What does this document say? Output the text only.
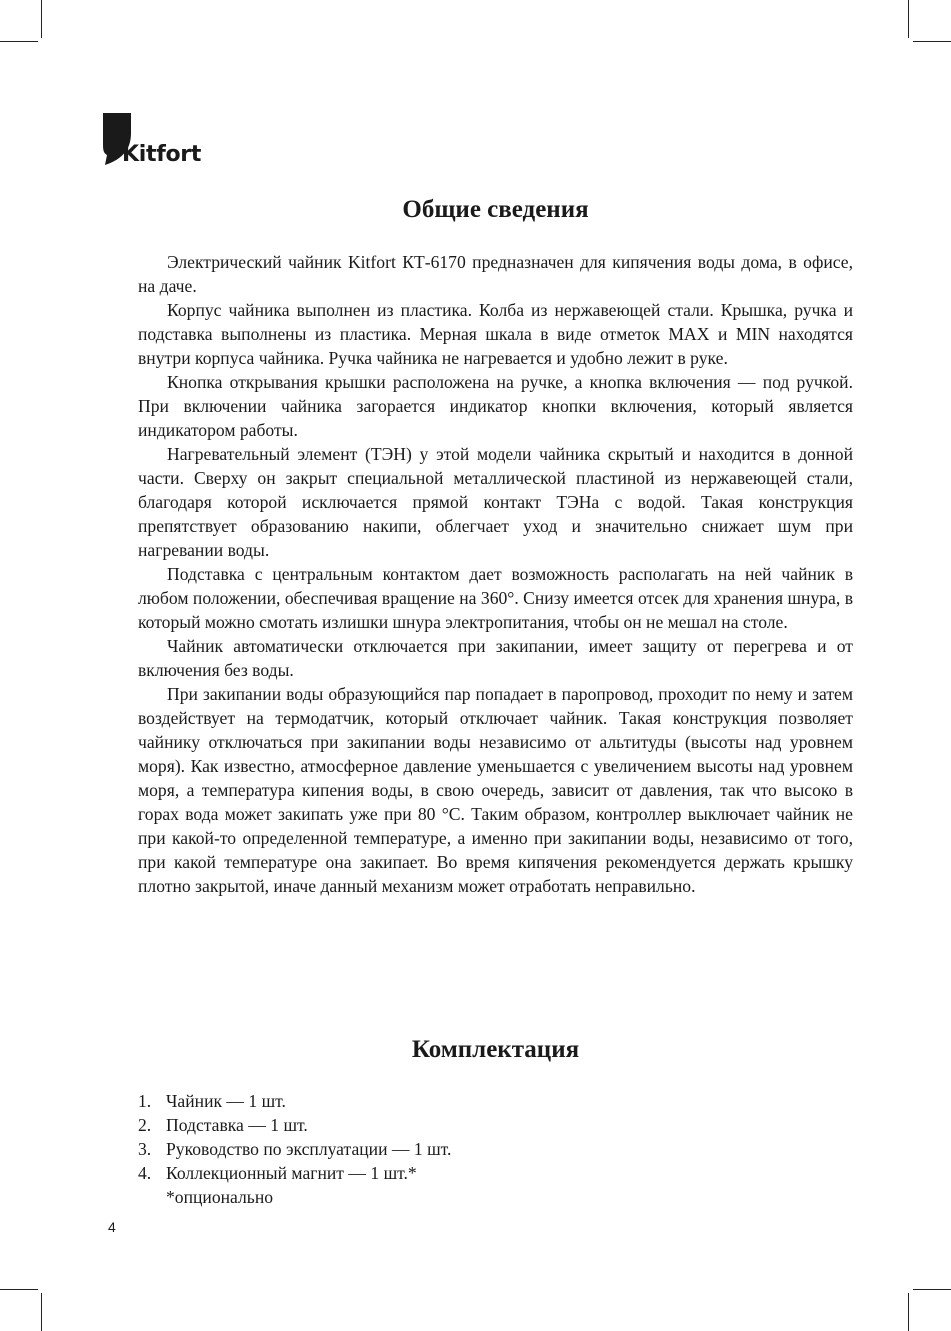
Kitfort
Общие сведения

Электрический чайник Kitfort КТ-6170 предназначен для кипячения воды дома, в офисе, на даче.

Корпус чайника выполнен из пластика. Колба из нержавеющей стали. Крышка, ручка и подставка выполнены из пластика. Мерная шкала в виде отметок MAX и MIN находятся внутри корпуса чайника. Ручка чайника не нагревается и удобно лежит в руке.

Кнопка открывания крышки расположена на ручке, а кнопка включения — под ручкой. При включении чайника загорается индикатор кнопки включения, который является индикатором работы.

Нагревательный элемент (ТЭН) у этой модели чайника скрытый и находится в донной части. Сверху он закрыт специальной металлической пластиной из нержавеющей стали, благодаря которой исключается прямой контакт ТЭНа с водой. Такая конструкция препятствует образованию накипи, облегчает уход и значительно снижает шум при нагревании воды.

Подставка с центральным контактом дает возможность располагать на ней чайник в любом положении, обеспечивая вращение на 360°. Снизу имеется отсек для хранения шнура, в который можно смотать излишки шнура электропитания, чтобы он не мешал на столе.

Чайник автоматически отключается при закипании, имеет защиту от перегрева и от включения без воды.

При закипании воды образующийся пар попадает в паропровод, проходит по нему и затем воздействует на термодатчик, который отключает чайник. Такая конструкция позволяет чайнику отключаться при закипании воды независимо от альтитуды (высоты над уровнем моря). Как известно, атмосферное давление уменьшается с увеличением высоты над уровнем моря, а температура кипения воды, в свою очередь, зависит от давления, так что высоко в горах вода может закипать уже при 80 °С. Таким образом, контроллер выключает чайник не при какой-то определенной температуре, а именно при закипании воды, независимо от того, при какой температуре она закипает. Во время кипячения рекомендуется держать крышку плотно закрытой, иначе данный механизм может отработать неправильно.

Комплектация
1. Чайник — 1 шт.
2. Подставка — 1 шт.
3. Руководство по эксплуатации — 1 шт.
4. Коллекционный магнит — 1 шт.*
*опционально
4
